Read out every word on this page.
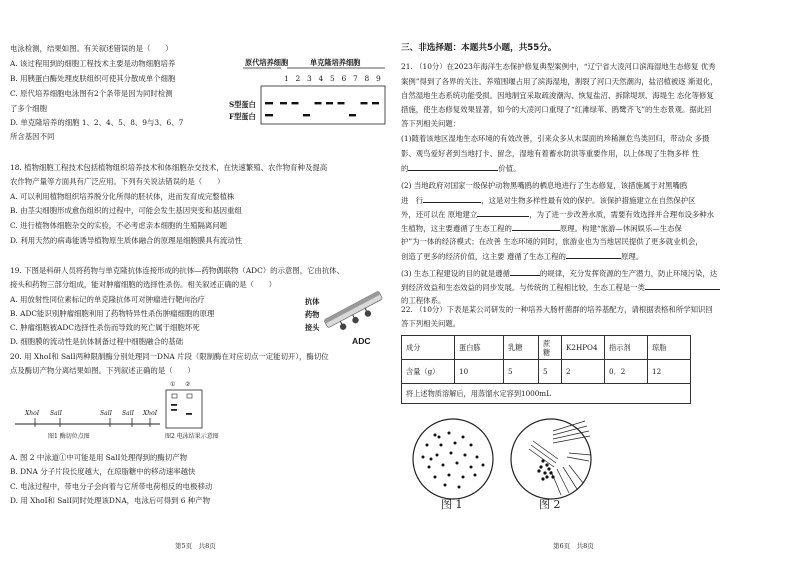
电泳检测，结果如图。有关叙述错误的是（　　）
A. 该过程用到的细胞工程技术主要是动物细胞培养
B. 用胰蛋白酶处理皮肤组织可使其分散成单个细胞
C. 原代培养细胞电泳图有2个条带是因为同时检测
了多个细胞
D. 单克隆培养的细胞 1、2、4、5、8、9与3、6、7
所含基因不同
原代培养细胞	单克隆培养细胞
1 2 3 4 5 6 7 8 9
S型蛋白
F型蛋白
18. 植物细胞工程技术包括植物组织培养技术和体细胞杂交技术，在快速繁殖、农作物育种及提高
农作物产量等方面具有广泛应用。下列有关说法错误的是（　　）
A. 可以利用植物组织培养脱分化所得的胚状体，进而发育成完整植株
B. 由茎尖细胞形成愈伤组织的过程中，可能会发生基因突变和基因重组
C. 进行植物体细胞杂交的实验，不必考虑亲本细胞的生殖隔离问题
D. 利用天然的病毒能诱导植物原生质体融合的原理是细胞膜具有流动性
19. 下图是科研人员将药物与单克隆抗体连接形成的抗体—药物偶联物（ADC）的示意图，它由抗体、
接头和药物三部分组成，能对肿瘤细胞的选择性杀伤。相关叙述正确的是（　　）
A. 用放射性同位素标记的单克隆抗体可对肿瘤进行靶向治疗
B. ADC能识别肿瘤细胞利用了药物特异性杀伤肿瘤细胞的原理
C. 肿瘤细胞被ADC选择性杀伤而导致的死亡属于细胞坏死
D. 细胞膜的流动性是抗体制备过程中细胞融合的基础
抗体
药物
接头
ADC
20. 用 XhoⅠ和 SalⅠ两种限制酶分别处理同一DNA 片段（限制酶在对应切点一定能切开），酶切位
点及酶切产物分离结果如图。下列叙述正确的是（　　）
XhoⅠ SalⅠ	SalⅠ SalⅠ XhoⅠ
图1 酶切位点图
① ②
图2 电泳结果示意图
A. 图 2 中泳道①中可能是用 SalⅠ处理得到的酶切产物
B. DNA 分子片段长度越大，在琼脂糖中的移动速率越快
C. 电泳过程中，带电分子会向着与它所带电荷相反的电极移动
D. 用 XhoⅠ和 SalⅠ同时处理该DNA，电泳后可得到 6 种产物
第5页　共8页
三、非选择题：本题共5小题，共55分。
21. （10分）在2023年海洋生态保护修复典型案例中，“辽宁省大凌河口滨海湿地生态修复 优秀
案例”得到了各界的关注。养殖围堰占用了滨海湿地，割裂了河口天然潮沟，盐沼植被逐 渐退化，
自然湿地生态系统功能受损。因地制宜采取疏浚潮沟、恢复盐沼、拆除堤坝、海堤生 态化等修复
措施，使生态修复效果显著，如今的大凌河口重现了“红滩绿苇、鸥鹭齐飞”的生态景观。据此回
答下列相关问题：
(1)随着该地区湿地生态环境的有效改善，引来众多从未谋面的珍稀濒危鸟类回归，带动众 多摄
影、观鸟爱好者到当地打卡、留念，湿地有着蓄水防洪等重要作用，以上体现了生物多样 性
的	价值。
(2) 当地政府对国家一级保护动物黑嘴鸥的栖息地进行了生态修复，该措施属于对黑嘴鸥
进　行	，这是对生物多样性最有效的保护。该保护措施建立在自然保护区
外，还可以在 原地建立	，为了进一步改善水质，需要有效选择并合理布设多种水
生植物，这主要遵循了生态工程的	原理。构建“旅游—休闲娱乐—生态保
护”为一体的经济模式；在改善 生态环境的同时，旅游业也为当地居民提供了更多就业机会，
创造了更多的经济价值，这主要 遵循了生态工程的	原理。
(3) 生态工程建设的目的就是遵循	的规律，充分发挥资源的生产潜力，防止环境污染，达
到经济效益和生态效益的同步发展。与传统的工程相比较，生态工程是一类
的工程体系。
22. （10分）下表是某公司研发的一种培养大肠杆菌群的培养基配方，请根据表格和所学知识回
答下列相关问题。
成分	蛋白胨	乳糖	蔗糖	K2HPO4	指示剂	琼脂
含量（g）	10	5	5	2	0．2	12
将上述物质溶解后，用蒸馏水定容到1000mL						
图 1	图 2
第6页　共8页
